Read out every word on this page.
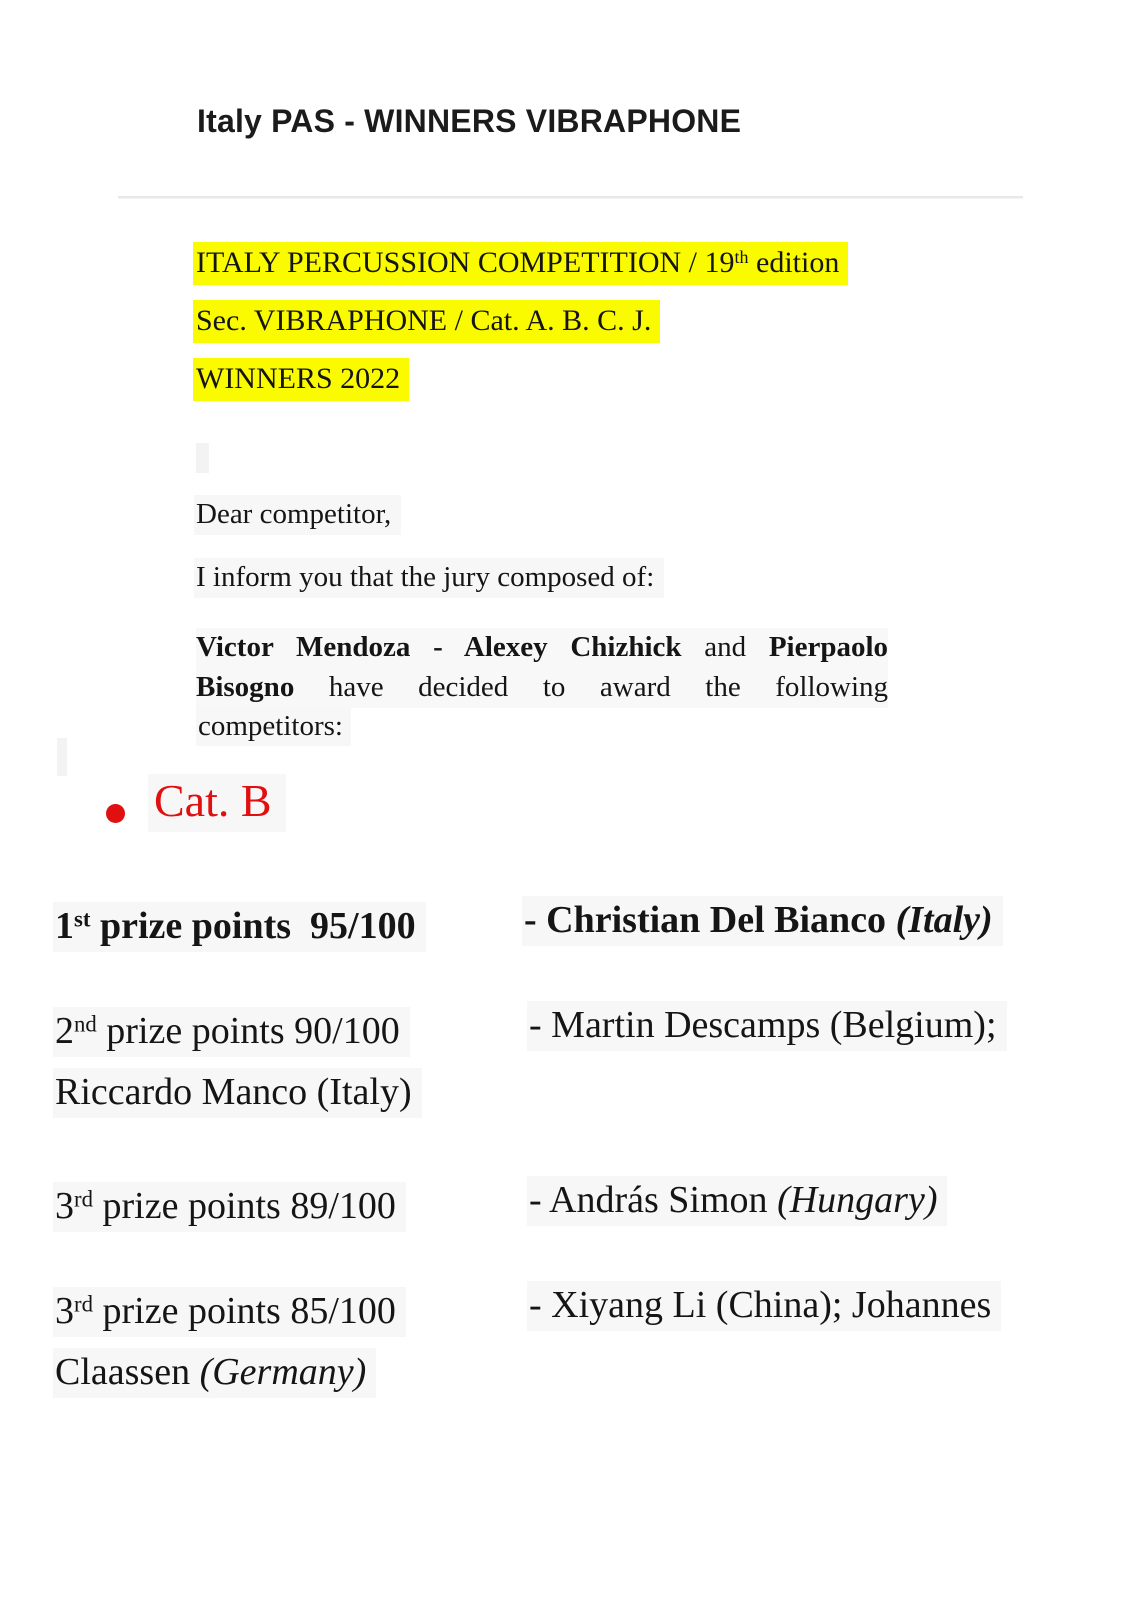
Italy PAS - WINNERS VIBRAPHONE
ITALY PERCUSSION COMPETITION / 19th edition
Sec. VIBRAPHONE / Cat. A. B. C. J.
WINNERS 2022
Dear competitor,
I inform you that the jury composed of:
Victor Mendoza - Alexey Chizhick and Pierpaolo
Bisogno have decided to award the following
competitors:
Cat. B
1st prize points  95/100	- Christian Del Bianco (Italy)
2nd prize points 90/100	- Martin Descamps (Belgium);
Riccardo Manco (Italy)
3rd prize points 89/100	- András Simon (Hungary)
3rd prize points 85/100	- Xiyang Li (China); Johannes
Claassen (Germany)
